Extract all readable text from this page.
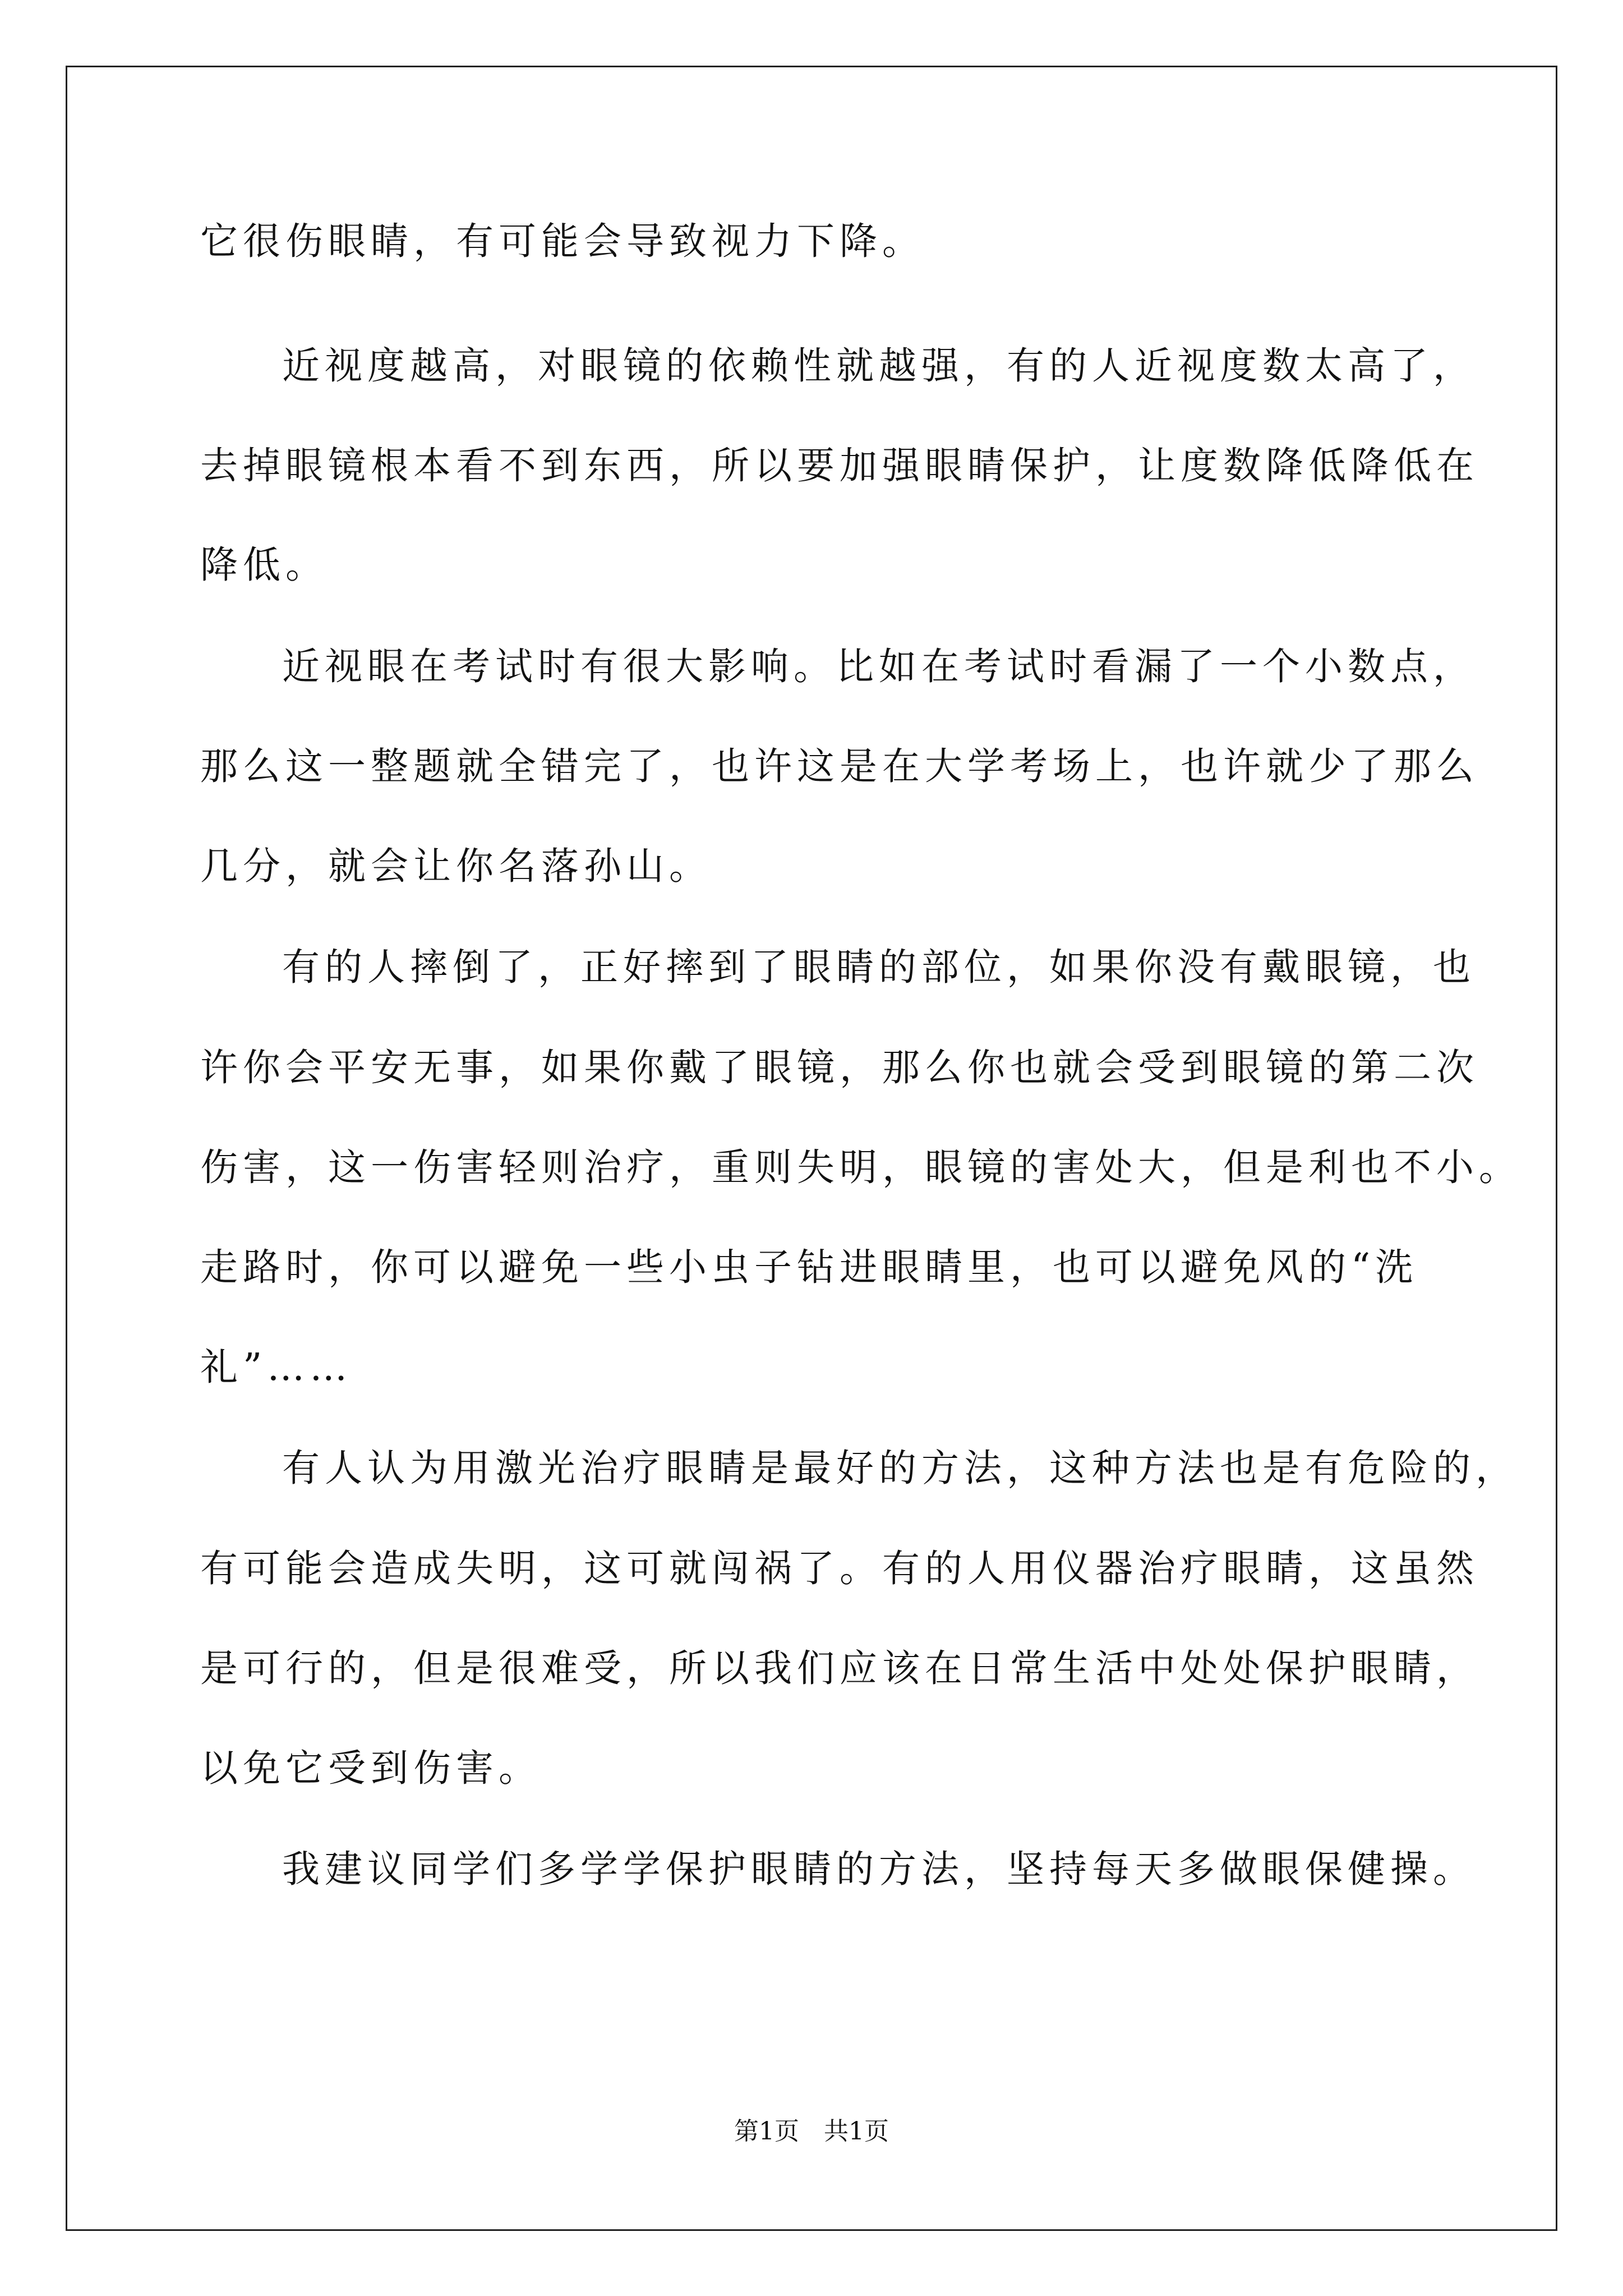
它很伤眼睛，有可能会导致视力下降。
近视度越高，对眼镜的依赖性就越强，有的人近视度数太高了，
去掉眼镜根本看不到东西，所以要加强眼睛保护，让度数降低降低在
降低。
近视眼在考试时有很大影响。比如在考试时看漏了一个小数点，
那么这一整题就全错完了，也许这是在大学考场上，也许就少了那么
几分，就会让你名落孙山。
有的人摔倒了，正好摔到了眼睛的部位，如果你没有戴眼镜，也
许你会平安无事，如果你戴了眼镜，那么你也就会受到眼镜的第二次
伤害，这一伤害轻则治疗，重则失明，眼镜的害处大，但是利也不小。
走路时，你可以避免一些小虫子钻进眼睛里，也可以避免风的“洗
礼”……
有人认为用激光治疗眼睛是最好的方法，这种方法也是有危险的，
有可能会造成失明，这可就闯祸了。有的人用仪器治疗眼睛，这虽然
是可行的，但是很难受，所以我们应该在日常生活中处处保护眼睛，
以免它受到伤害。
我建议同学们多学学保护眼睛的方法，坚持每天多做眼保健操。
第1页 共1页
